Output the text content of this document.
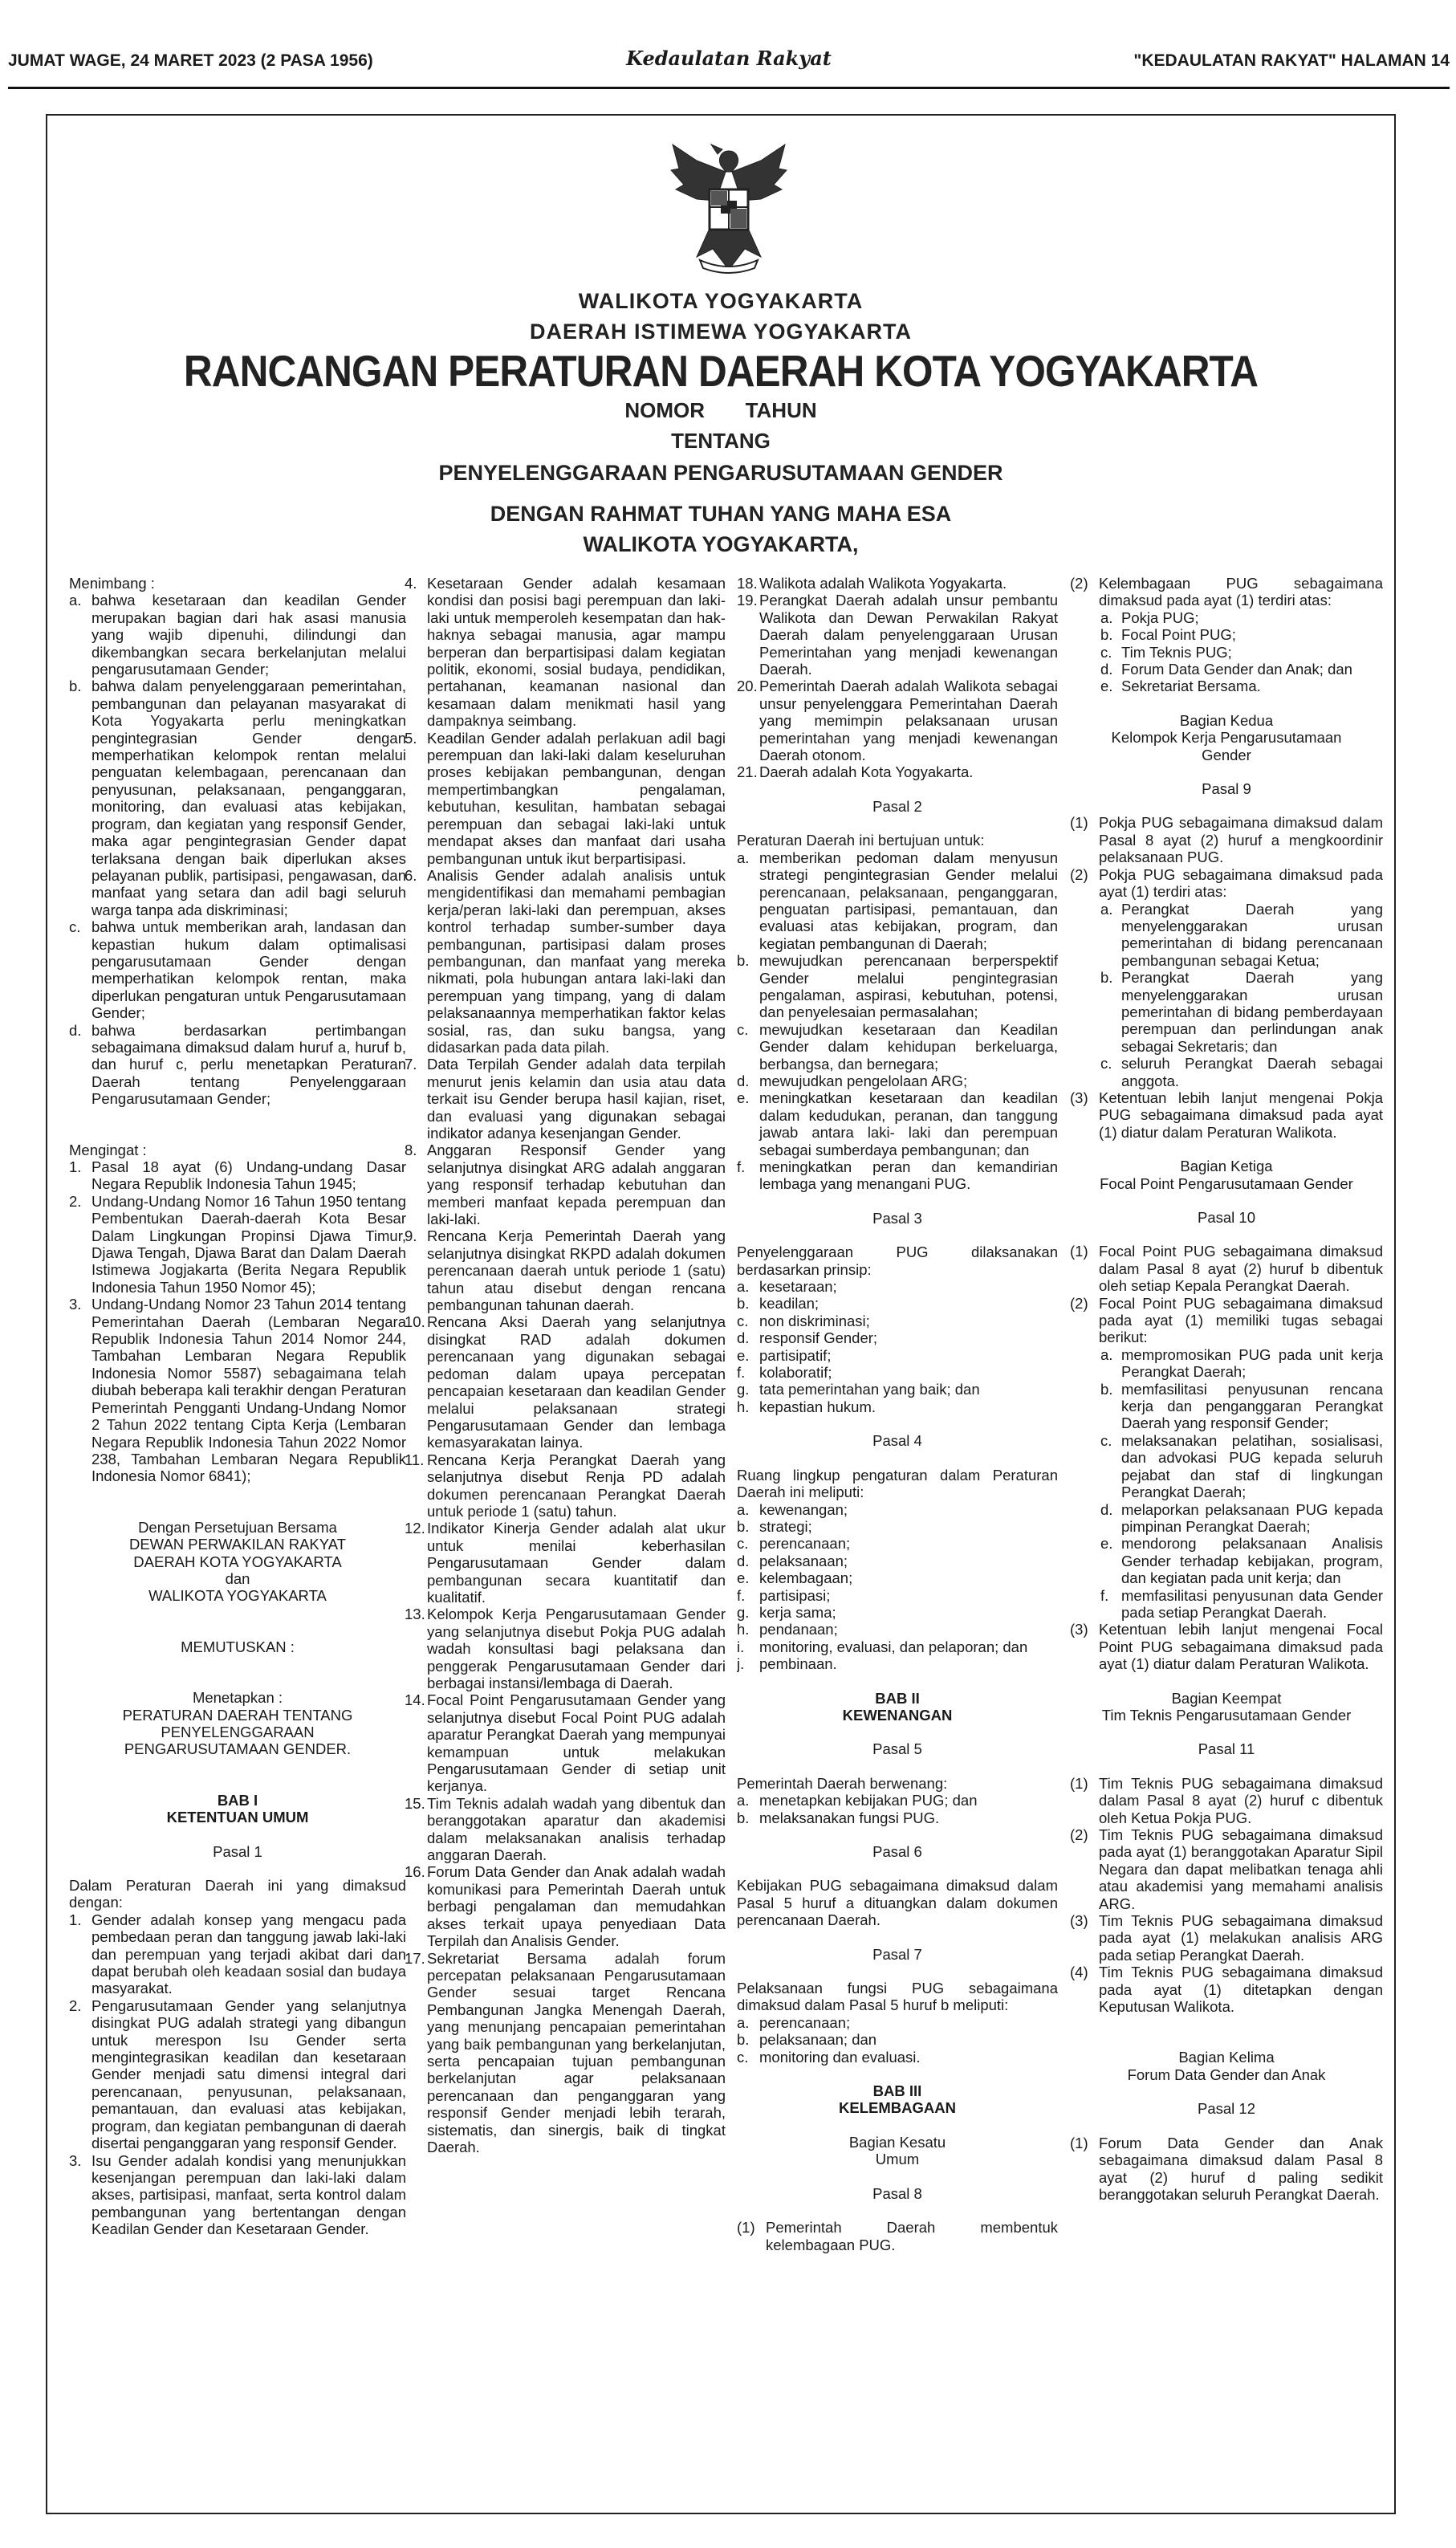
JUMAT WAGE, 24 MARET 2023 (2 PASA 1956)	Kedaulatan Rakyat	"KEDAULATAN RAKYAT" HALAMAN 14
WALIKOTA YOGYAKARTA
DAERAH ISTIMEWA YOGYAKARTA
RANCANGAN PERATURAN DAERAH KOTA YOGYAKARTA
NOMOR       TAHUN
TENTANG
PENYELENGGARAAN PENGARUSUTAMAAN GENDER
DENGAN RAHMAT TUHAN YANG MAHA ESA
WALIKOTA YOGYAKARTA,

Menimbang :

a. bahwa kesetaraan dan keadilan Gender merupakan bagian dari hak asasi manusia yang wajib dipenuhi, dilindungi dan dikembangkan secara berkelanjutan melalui pengarusutamaan Gender;
b. bahwa dalam penyelenggaraan pemerintahan, pembangunan dan pelayanan masyarakat di Kota Yogyakarta perlu meningkatkan pengintegrasian Gender dengan memperhatikan kelompok rentan melalui penguatan kelembagaan, perencanaan dan penyusunan, pelaksanaan, penganggaran, monitoring, dan evaluasi atas kebijakan, program, dan kegiatan yang responsif Gender, maka agar pengintegrasian Gender dapat terlaksana dengan baik diperlukan akses pelayanan publik, partisipasi, pengawasan, dan manfaat yang setara dan adil bagi seluruh warga tanpa ada diskriminasi;
c. bahwa untuk memberikan arah, landasan dan kepastian hukum dalam optimalisasi pengarusutamaan Gender dengan memperhatikan kelompok rentan, maka diperlukan pengaturan untuk Pengarusutamaan Gender;
d. bahwa berdasarkan pertimbangan sebagaimana dimaksud dalam huruf a, huruf b, dan huruf c, perlu menetapkan Peraturan Daerah tentang Penyelenggaraan Pengarusutamaan Gender;

Mengingat :

1. Pasal 18 ayat (6) Undang-undang Dasar Negara Republik Indonesia Tahun 1945;
2. Undang-Undang Nomor 16 Tahun 1950 tentang Pembentukan Daerah-daerah Kota Besar Dalam Lingkungan Propinsi Djawa Timur, Djawa Tengah, Djawa Barat dan Dalam Daerah Istimewa Jogjakarta (Berita Negara Republik Indonesia Tahun 1950 Nomor 45);
3. Undang-Undang Nomor 23 Tahun 2014 tentang Pemerintahan Daerah (Lembaran Negara Republik Indonesia Tahun 2014 Nomor 244, Tambahan Lembaran Negara Republik Indonesia Nomor 5587) sebagaimana telah diubah beberapa kali terakhir dengan Peraturan Pemerintah Pengganti Undang-Undang Nomor 2 Tahun 2022 tentang Cipta Kerja (Lembaran Negara Republik Indonesia Tahun 2022 Nomor 238, Tambahan Lembaran Negara Republik Indonesia Nomor 6841);

Dengan Persetujuan Bersama

DEWAN PERWAKILAN RAKYAT

DAERAH KOTA YOGYAKARTA

dan

WALIKOTA YOGYAKARTA

MEMUTUSKAN :

Menetapkan :

PERATURAN DAERAH TENTANG

PENYELENGGARAAN

PENGARUSUTAMAAN GENDER.

BAB I

KETENTUAN UMUM

Pasal 1

Dalam Peraturan Daerah ini yang dimaksud dengan:

1. Gender adalah konsep yang mengacu pada pembedaan peran dan tanggung jawab laki-laki dan perempuan yang terjadi akibat dari dan dapat berubah oleh keadaan sosial dan budaya masyarakat.
2. Pengarusutamaan Gender yang selanjutnya disingkat PUG adalah strategi yang dibangun untuk merespon Isu Gender serta mengintegrasikan keadilan dan kesetaraan Gender menjadi satu dimensi integral dari perencanaan, penyusunan, pelaksanaan, pemantauan, dan evaluasi atas kebijakan, program, dan kegiatan pembangunan di daerah disertai penganggaran yang responsif Gender.
3. Isu Gender adalah kondisi yang menunjukkan kesenjangan perempuan dan laki-laki dalam akses, partisipasi, manfaat, serta kontrol dalam pembangunan yang bertentangan dengan Keadilan Gender dan Kesetaraan Gender.
4. Kesetaraan Gender adalah kesamaan kondisi dan posisi bagi perempuan dan laki-laki untuk memperoleh kesempatan dan hak-haknya sebagai manusia, agar mampu berperan dan berpartisipasi dalam kegiatan politik, ekonomi, sosial budaya, pendidikan, pertahanan, keamanan nasional dan kesamaan dalam menikmati hasil yang dampaknya seimbang.
5. Keadilan Gender adalah perlakuan adil bagi perempuan dan laki-laki dalam keseluruhan proses kebijakan pembangunan, dengan mempertimbangkan pengalaman, kebutuhan, kesulitan, hambatan sebagai perempuan dan sebagai laki-laki untuk mendapat akses dan manfaat dari usaha pembangunan untuk ikut berpartisipasi.
6. Analisis Gender adalah analisis untuk mengidentifikasi dan memahami pembagian kerja/peran laki-laki dan perempuan, akses kontrol terhadap sumber-sumber daya pembangunan, partisipasi dalam proses pembangunan, dan manfaat yang mereka nikmati, pola hubungan antara laki-laki dan perempuan yang timpang, yang di dalam pelaksanaannya memperhatikan faktor kelas sosial, ras, dan suku bangsa, yang didasarkan pada data pilah.
7. Data Terpilah Gender adalah data terpilah menurut jenis kelamin dan usia atau data terkait isu Gender berupa hasil kajian, riset, dan evaluasi yang digunakan sebagai indikator adanya kesenjangan Gender.
8. Anggaran Responsif Gender yang selanjutnya disingkat ARG adalah anggaran yang responsif terhadap kebutuhan dan memberi manfaat kepada perempuan dan laki-laki.
9. Rencana Kerja Pemerintah Daerah yang selanjutnya disingkat RKPD adalah dokumen perencanaan daerah untuk periode 1 (satu) tahun atau disebut dengan rencana pembangunan tahunan daerah.
10. Rencana Aksi Daerah yang selanjutnya disingkat RAD adalah dokumen perencanaan yang digunakan sebagai pedoman dalam upaya percepatan pencapaian kesetaraan dan keadilan Gender melalui pelaksanaan strategi Pengarusutamaan Gender dan lembaga kemasyarakatan lainya.
11. Rencana Kerja Perangkat Daerah yang selanjutnya disebut Renja PD adalah dokumen perencanaan Perangkat Daerah untuk periode 1 (satu) tahun.
12. Indikator Kinerja Gender adalah alat ukur untuk menilai keberhasilan Pengarusutamaan Gender dalam pembangunan secara kuantitatif dan kualitatif.
13. Kelompok Kerja Pengarusutamaan Gender yang selanjutnya disebut Pokja PUG adalah wadah konsultasi bagi pelaksana dan penggerak Pengarusutamaan Gender dari berbagai instansi/lembaga di Daerah.
14. Focal Point Pengarusutamaan Gender yang selanjutnya disebut Focal Point PUG adalah aparatur Perangkat Daerah yang mempunyai kemampuan untuk melakukan Pengarusutamaan Gender di setiap unit kerjanya.
15. Tim Teknis adalah wadah yang dibentuk dan beranggotakan aparatur dan akademisi dalam melaksanakan analisis terhadap anggaran Daerah.
16. Forum Data Gender dan Anak adalah wadah komunikasi para Pemerintah Daerah untuk berbagi pengalaman dan memudahkan akses terkait upaya penyediaan Data Terpilah dan Analisis Gender.
17. Sekretariat Bersama adalah forum percepatan pelaksanaan Pengarusutamaan Gender sesuai target Rencana Pembangunan Jangka Menengah Daerah, yang menunjang pencapaian pemerintahan yang baik pembangunan yang berkelanjutan, serta pencapaian tujuan pembangunan berkelanjutan agar pelaksanaan perencanaan dan penganggaran yang responsif Gender menjadi lebih terarah, sistematis, dan sinergis, baik di tingkat Daerah.
18. Walikota adalah Walikota Yogyakarta.
19. Perangkat Daerah adalah unsur pembantu Walikota dan Dewan Perwakilan Rakyat Daerah dalam penyelenggaraan Urusan Pemerintahan yang menjadi kewenangan Daerah.
20. Pemerintah Daerah adalah Walikota sebagai unsur penyelenggara Pemerintahan Daerah yang memimpin pelaksanaan urusan pemerintahan yang menjadi kewenangan Daerah otonom.
21. Daerah adalah Kota Yogyakarta.

Pasal 2

Peraturan Daerah ini bertujuan untuk:

a. memberikan pedoman dalam menyusun strategi pengintegrasian Gender melalui perencanaan, pelaksanaan, penganggaran, penguatan partisipasi, pemantauan, dan evaluasi atas kebijakan, program, dan kegiatan pembangunan di Daerah;
b. mewujudkan perencanaan berperspektif Gender melalui pengintegrasian pengalaman, aspirasi, kebutuhan, potensi, dan penyelesaian permasalahan;
c. mewujudkan kesetaraan dan Keadilan Gender dalam kehidupan berkeluarga, berbangsa, dan bernegara;
d. mewujudkan pengelolaan ARG;
e. meningkatkan kesetaraan dan keadilan dalam kedudukan, peranan, dan tanggung jawab antara laki- laki dan perempuan sebagai sumberdaya pembangunan; dan
f. meningkatkan peran dan kemandirian lembaga yang menangani PUG.

Pasal 3

Penyelenggaraan PUG dilaksanakan berdasarkan prinsip:

a. kesetaraan;
b. keadilan;
c. non diskriminasi;
d. responsif Gender;
e. partisipatif;
f. kolaboratif;
g. tata pemerintahan yang baik; dan
h. kepastian hukum.

Pasal 4

Ruang lingkup pengaturan dalam Peraturan Daerah ini meliputi:

a. kewenangan;
b. strategi;
c. perencanaan;
d. pelaksanaan;
e. kelembagaan;
f. partisipasi;
g. kerja sama;
h. pendanaan;
i.	monitoring, evaluasi, dan pelaporan; dan
j.	pembinaan.

BAB II

KEWENANGAN

Pasal 5

Pemerintah Daerah berwenang:

a. menetapkan kebijakan PUG; dan
b. melaksanakan fungsi PUG.

Pasal 6

Kebijakan PUG sebagaimana dimaksud dalam Pasal 5 huruf a dituangkan dalam dokumen perencanaan Daerah.

Pasal 7

Pelaksanaan fungsi PUG sebagaimana dimaksud dalam Pasal 5 huruf b meliputi:

a. perencanaan;
b. pelaksanaan; dan
c. monitoring dan evaluasi.

BAB III

KELEMBAGAAN

Bagian Kesatu

Umum

Pasal 8

(1) Pemerintah Daerah membentuk kelembagaan PUG.
(2) Kelembagaan PUG sebagaimana dimaksud pada ayat (1) terdiri atas:
a. Pokja PUG;
b. Focal Point PUG;
c. Tim Teknis PUG;
d. Forum Data Gender dan Anak; dan
e. Sekretariat Bersama.

Bagian Kedua

Kelompok Kerja Pengarusutamaan

Gender

Pasal 9

(1) Pokja PUG sebagaimana dimaksud dalam Pasal 8 ayat (2) huruf a mengkoordinir pelaksanaan PUG.
(2) Pokja PUG sebagaimana dimaksud pada ayat (1) terdiri atas:
a. Perangkat Daerah yang menyelenggarakan urusan pemerintahan di bidang perencanaan pembangunan sebagai Ketua;
b. Perangkat Daerah yang menyelenggarakan urusan pemerintahan di bidang pemberdayaan perempuan dan perlindungan anak sebagai Sekretaris; dan
c. seluruh Perangkat Daerah sebagai anggota.
(3) Ketentuan lebih lanjut mengenai Pokja PUG sebagaimana dimaksud pada ayat (1) diatur dalam Peraturan Walikota.

Bagian Ketiga

Focal Point Pengarusutamaan Gender

Pasal 10

(1) Focal Point PUG sebagaimana dimaksud dalam Pasal 8 ayat (2) huruf b dibentuk oleh setiap Kepala Perangkat Daerah.
(2) Focal Point PUG sebagaimana dimaksud pada ayat (1) memiliki tugas sebagai berikut:
a. mempromosikan PUG pada unit kerja Perangkat Daerah;
b. memfasilitasi penyusunan rencana kerja dan penganggaran Perangkat Daerah yang responsif Gender;
c. melaksanakan pelatihan, sosialisasi, dan advokasi PUG kepada seluruh pejabat dan staf di lingkungan Perangkat Daerah;
d. melaporkan pelaksanaan PUG kepada pimpinan Perangkat Daerah;
e. mendorong pelaksanaan Analisis Gender terhadap kebijakan, program, dan kegiatan pada unit kerja; dan
f. memfasilitasi penyusunan data Gender pada setiap Perangkat Daerah.
(3) Ketentuan lebih lanjut mengenai Focal Point PUG sebagaimana dimaksud pada ayat (1) diatur dalam Peraturan Walikota.

Bagian Keempat

Tim Teknis Pengarusutamaan Gender

Pasal 11

(1) Tim Teknis PUG sebagaimana dimaksud dalam Pasal 8 ayat (2) huruf c dibentuk oleh Ketua Pokja PUG.
(2) Tim Teknis PUG sebagaimana dimaksud pada ayat (1) beranggotakan Aparatur Sipil Negara dan dapat melibatkan tenaga ahli atau akademisi yang memahami analisis ARG.
(3) Tim Teknis PUG sebagaimana dimaksud pada ayat (1) melakukan analisis ARG pada setiap Perangkat Daerah.
(4) Tim Teknis PUG sebagaimana dimaksud pada ayat (1) ditetapkan dengan Keputusan Walikota.

Bagian Kelima

Forum Data Gender dan Anak

Pasal 12

(1) Forum Data Gender dan Anak sebagaimana dimaksud dalam Pasal 8 ayat (2) huruf d paling sedikit beranggotakan seluruh Perangkat Daerah.
